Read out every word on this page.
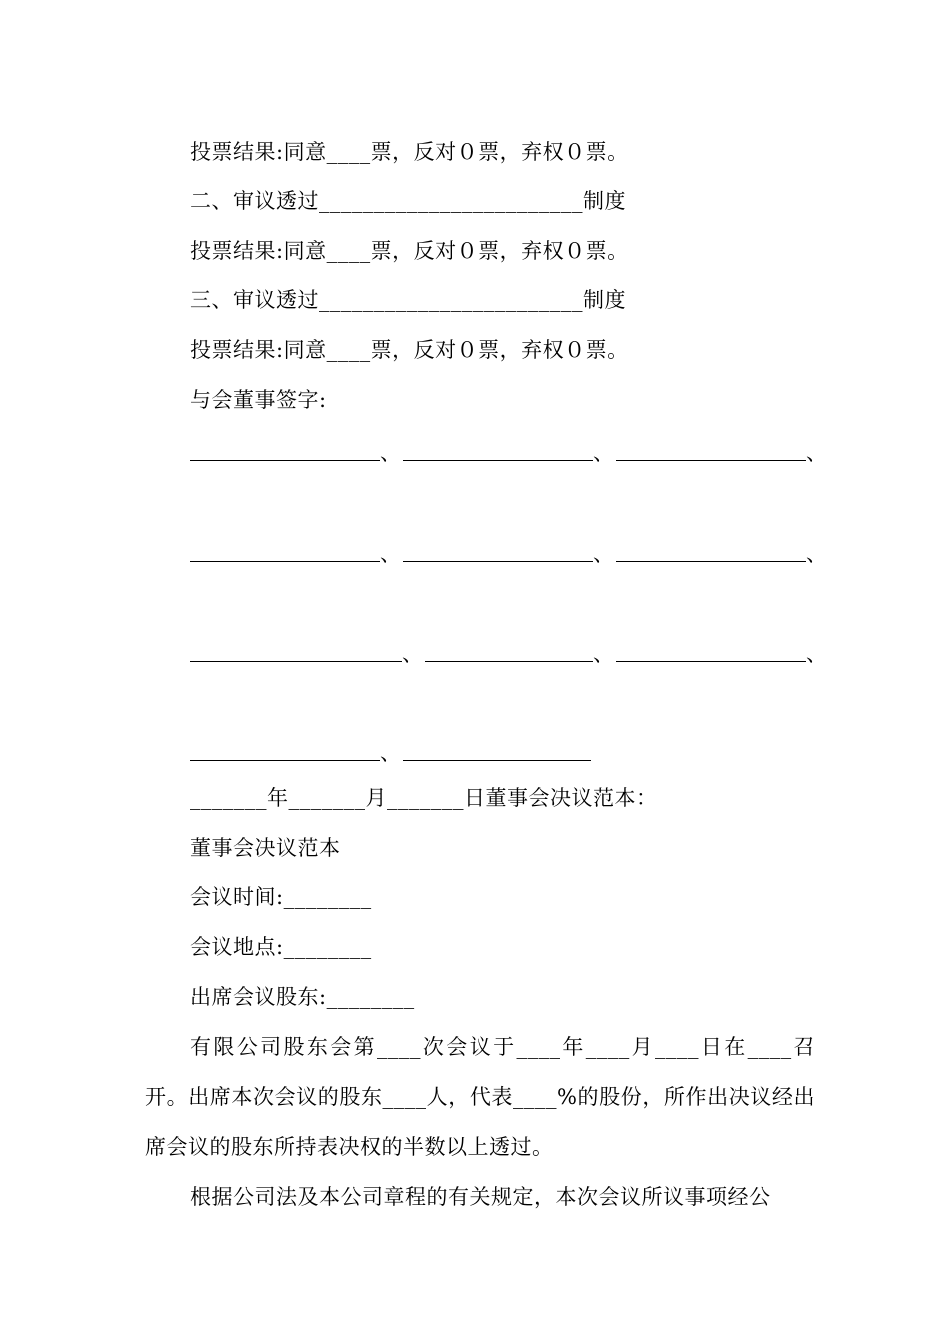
投票结果:同意____票，反对０票，弃权０票。
二、审议透过________________________制度
投票结果:同意____票，反对０票，弃权０票。
三、审议透过________________________制度
投票结果:同意____票，反对０票，弃权０票。
与会董事签字:
、	、	、
、	、	、
、	、	、
、
_______年_______月_______日董事会决议范本：
董事会决议范本
会议时间:________
会议地点:________
出席会议股东:________
有限公司股东会第____次会议于____年____月____日在____召开。出席本次会议的股东____人，代表____%的股份，所作出决议经出席会议的股东所持表决权的半数以上透过。
根据公司法及本公司章程的有关规定，本次会议所议事项经公
